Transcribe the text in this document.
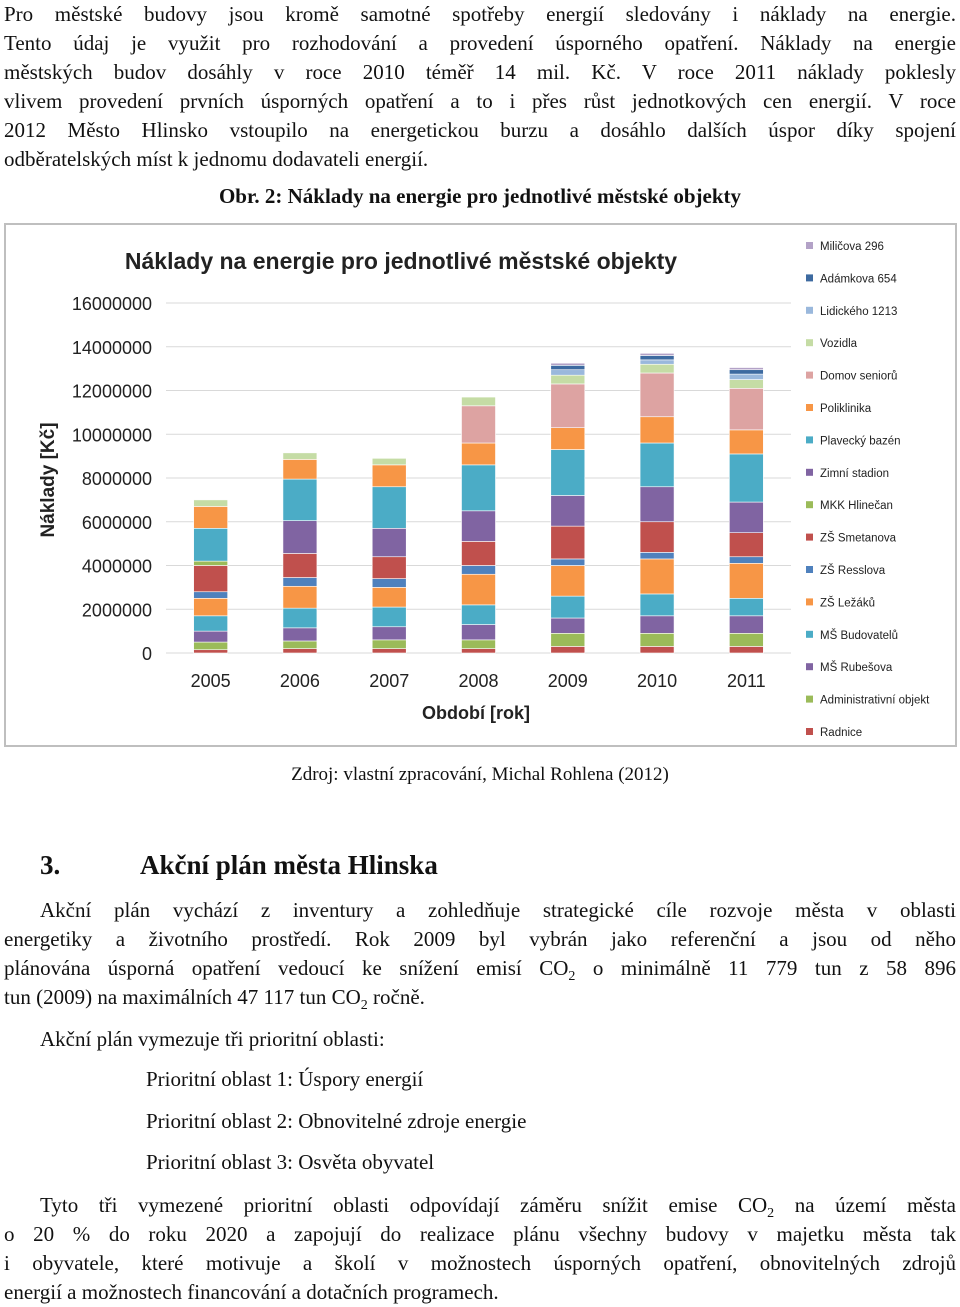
Pro městské budovy jsou kromě samotné spotřeby energií sledovány i náklady na energie.
Tento údaj je využit pro rozhodování a provedení úsporného opatření. Náklady na energie
městských budov dosáhly v roce 2010 téměř 14 mil. Kč. V roce 2011 náklady poklesly
vlivem provedení prvních úsporných opatření a to i přes růst jednotkových cen energií. V roce
2012 Město Hlinsko vstoupilo na energetickou burzu a dosáhlo dalších úspor díky spojení
odběratelských míst k jednomu dodavateli energií.
Obr. 2: Náklady na energie pro jednotlivé městské objekty
Náklady na energie pro jednotlivé městské objekty
0
2000000
4000000
6000000
8000000
10000000
12000000
14000000
16000000
2005	2006	2007	2008	2009	2010	2011
Náklady [Kč]
Období [rok]
Miličova 296
Adámkova 654
Lidického 1213
Vozidla
Domov seniorů
Poliklinika
Plavecký bazén
Zimní stadion
MKK Hlinečan
ZŠ Smetanova
ZŠ Resslova
ZŠ Ležáků
MŠ Budovatelů
MŠ Rubešova
Administrativní objekt
Radnice
Zdroj: vlastní zpracování, Michal Rohlena (2012)
3.	Akční plán města Hlinska
Akční plán vychází z inventury a zohledňuje strategické cíle rozvoje města v oblasti
energetiky a životního prostředí. Rok 2009 byl vybrán jako referenční a jsou od něho
plánována úsporná opatření vedoucí ke snížení emisí $CO_2$ o minimálně 11 779 tun z 58 896
tun (2009) na maximálních 47 117 tun $CO_2$ ročně.
Akční plán vymezuje tři prioritní oblasti:
Prioritní oblast 1: Úspory energií
Prioritní oblast 2: Obnovitelné zdroje energie
Prioritní oblast 3: Osvěta obyvatel
Tyto tři vymezené prioritní oblasti odpovídají záměru snížit emise $CO_2$ na území města
o 20 % do roku 2020 a zapojují do realizace plánu všechny budovy v majetku města tak
i obyvatele, které motivuje a školí v možnostech úsporných opatření, obnovitelných zdrojů
energií a možnostech financování a dotačních programech.
